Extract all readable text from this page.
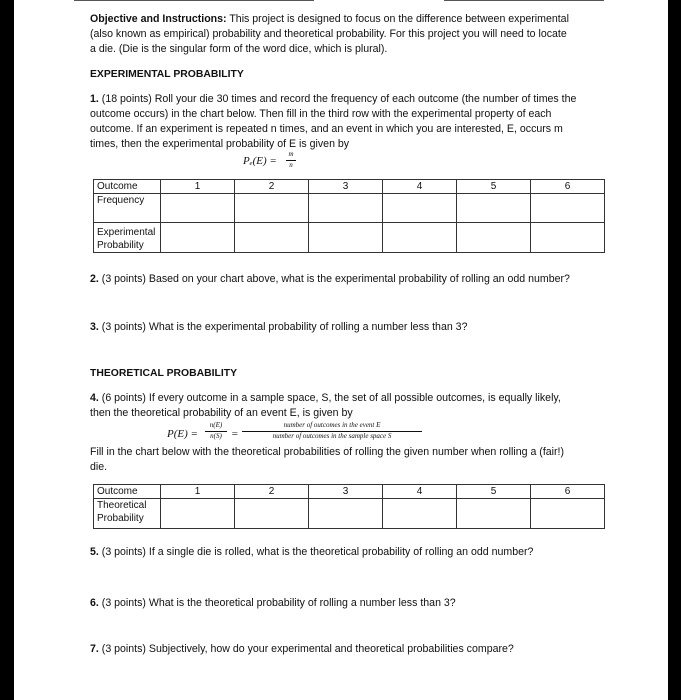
Objective and Instructions: This project is designed to focus on the difference between experimental
(also known as empirical) probability and theoretical probability. For this project you will need to locate
a die. (Die is the singular form of the word dice, which is plural).
EXPERIMENTAL PROBABILITY
1. (18 points) Roll your die 30 times and record the frequency of each outcome (the number of times the
outcome occurs) in the chart below. Then fill in the third row with the experimental property of each
outcome. If an experiment is repeated n times, and an event in which you are interested, E, occurs m
times, then the experimental probability of E is given by
Pₑ(E) =
m
n
Outcome	1	2	3	4	5	6
Frequency						

Experimental
Probability						

2. (3 points) Based on your chart above, what is the experimental probability of rolling an odd number?
3. (3 points) What is the experimental probability of rolling a number less than 3?
THEORETICAL PROBABILITY
4. (6 points) If every outcome in a sample space, S, the set of all possible outcomes, is equally likely,
then the theoretical probability of an event E, is given by
P(E) =
n(E)
n(S) =
number of outcomes in the event E
number of outcomes in the sample space S
Fill in the chart below with the theoretical probabilities of rolling the given number when rolling a (fair!)
die.
Outcome	1	2	3	4	5	6

Theoretical
Probability						

5. (3 points) If a single die is rolled, what is the theoretical probability of rolling an odd number?
6. (3 points) What is the theoretical probability of rolling a number less than 3?
7. (3 points) Subjectively, how do your experimental and theoretical probabilities compare?
